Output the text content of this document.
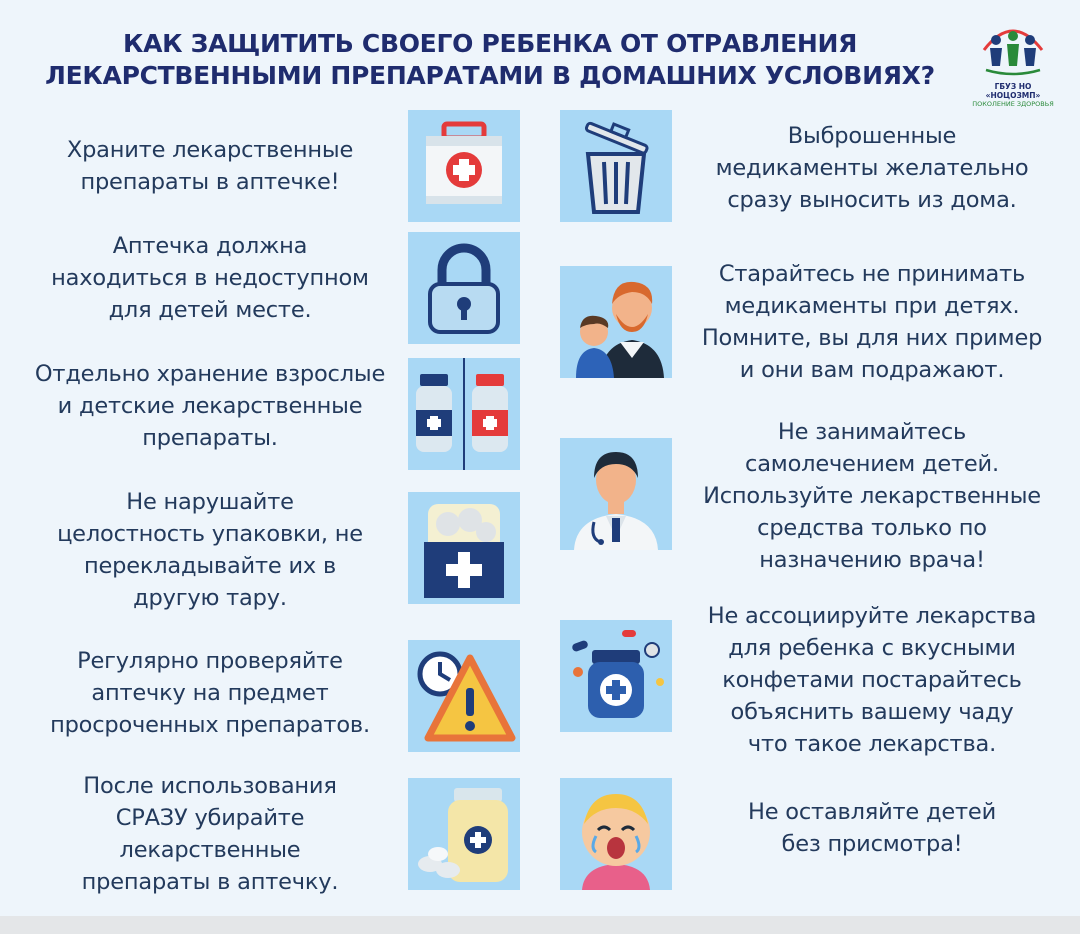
КАК ЗАЩИТИТЬ СВОЕГО РЕБЕНКА ОТ ОТРАВЛЕНИЯ
ЛЕКАРСТВЕННЫМИ ПРЕПАРАТАМИ В ДОМАШНИХ УСЛОВИЯХ?	ГБУЗ НО «НОЦОЗМП»
ПОКОЛЕНИЕ ЗДОРОВЬЯ
Храните лекарственные
препараты в аптечке!
Аптечка должна
находиться в недоступном
для детей месте.
Отдельно хранение взрослые
и детские лекарственные
препараты.
Не нарушайте
целостность упаковки, не
перекладывайте их в
другую тару.
Регулярно проверяйте
аптечку на предмет
просроченных препаратов.
После использования
СРАЗУ убирайте
лекарственные
препараты в аптечку.
Выброшенные
медикаменты желательно
сразу выносить из дома.
Старайтесь не принимать
медикаменты при детях.
Помните, вы для них пример
и они вам подражают.
Не занимайтесь
самолечением детей.
Используйте лекарственные
средства только по
назначению врача!
Не ассоциируйте лекарства
для ребенка с вкусными
конфетами постарайтесь
объяснить вашему чаду
что такое лекарства.
Не оставляйте детей
без присмотра!
